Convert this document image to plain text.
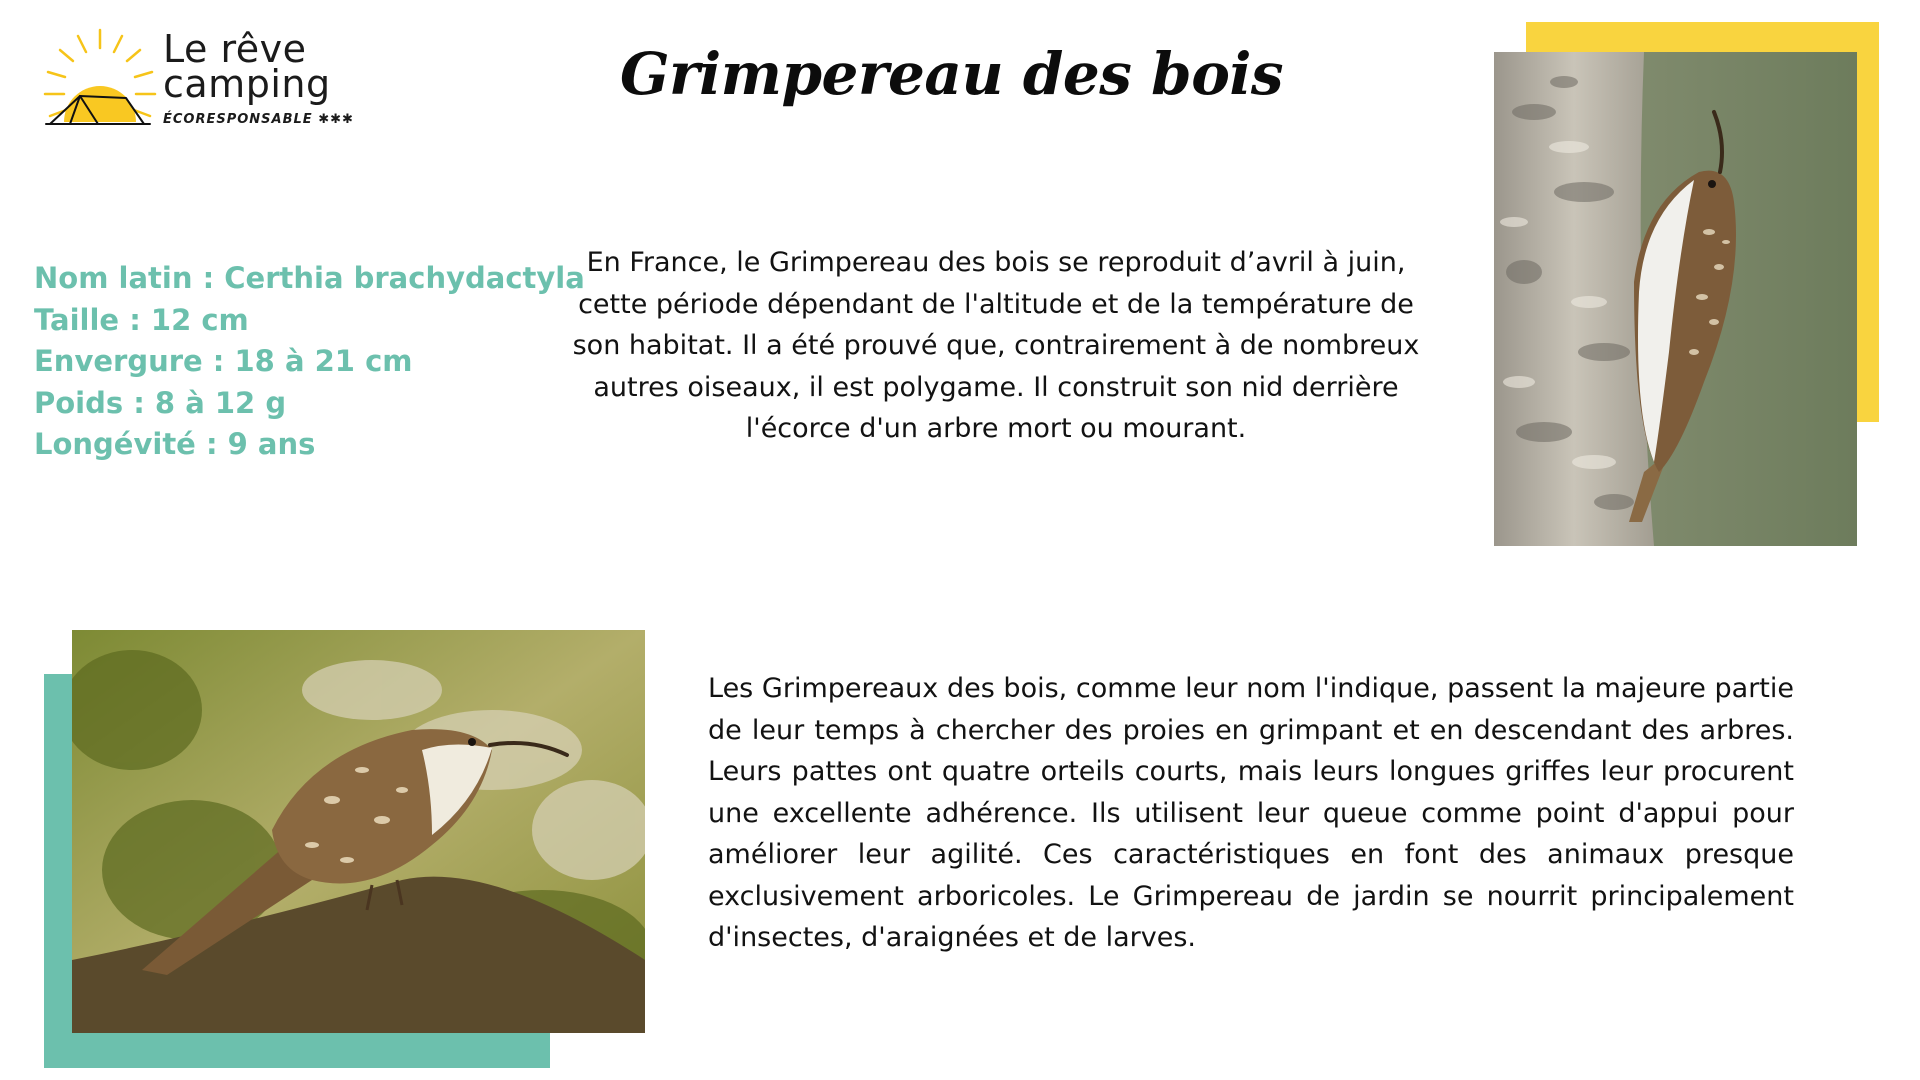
Le rêve
camping
ÉCORESPONSABLE ✱✱✱
Grimpereau des bois
Nom latin : Certhia brachydactyla
Taille : 12 cm
Envergure : 18 à 21 cm
Poids : 8 à 12 g
Longévité : 9 ans
En France, le Grimpereau des bois se reproduit d’avril à juin, cette période dépendant de l'altitude et de la température de son habitat. Il a été prouvé que, contrairement à de nombreux autres oiseaux, il est polygame. Il construit son nid derrière l'écorce d'un arbre mort ou mourant.
Les Grimpereaux des bois, comme leur nom l'indique, passent la majeure partie de leur temps à chercher des proies en grimpant et en descendant des arbres. Leurs pattes ont quatre orteils courts, mais leurs longues griffes leur procurent une excellente adhérence. Ils utilisent leur queue comme point d'appui pour améliorer leur agilité. Ces caractéristiques en font des animaux presque exclusivement arboricoles. Le Grimpereau de jardin se nourrit principalement d'insectes, d'araignées et de larves.
